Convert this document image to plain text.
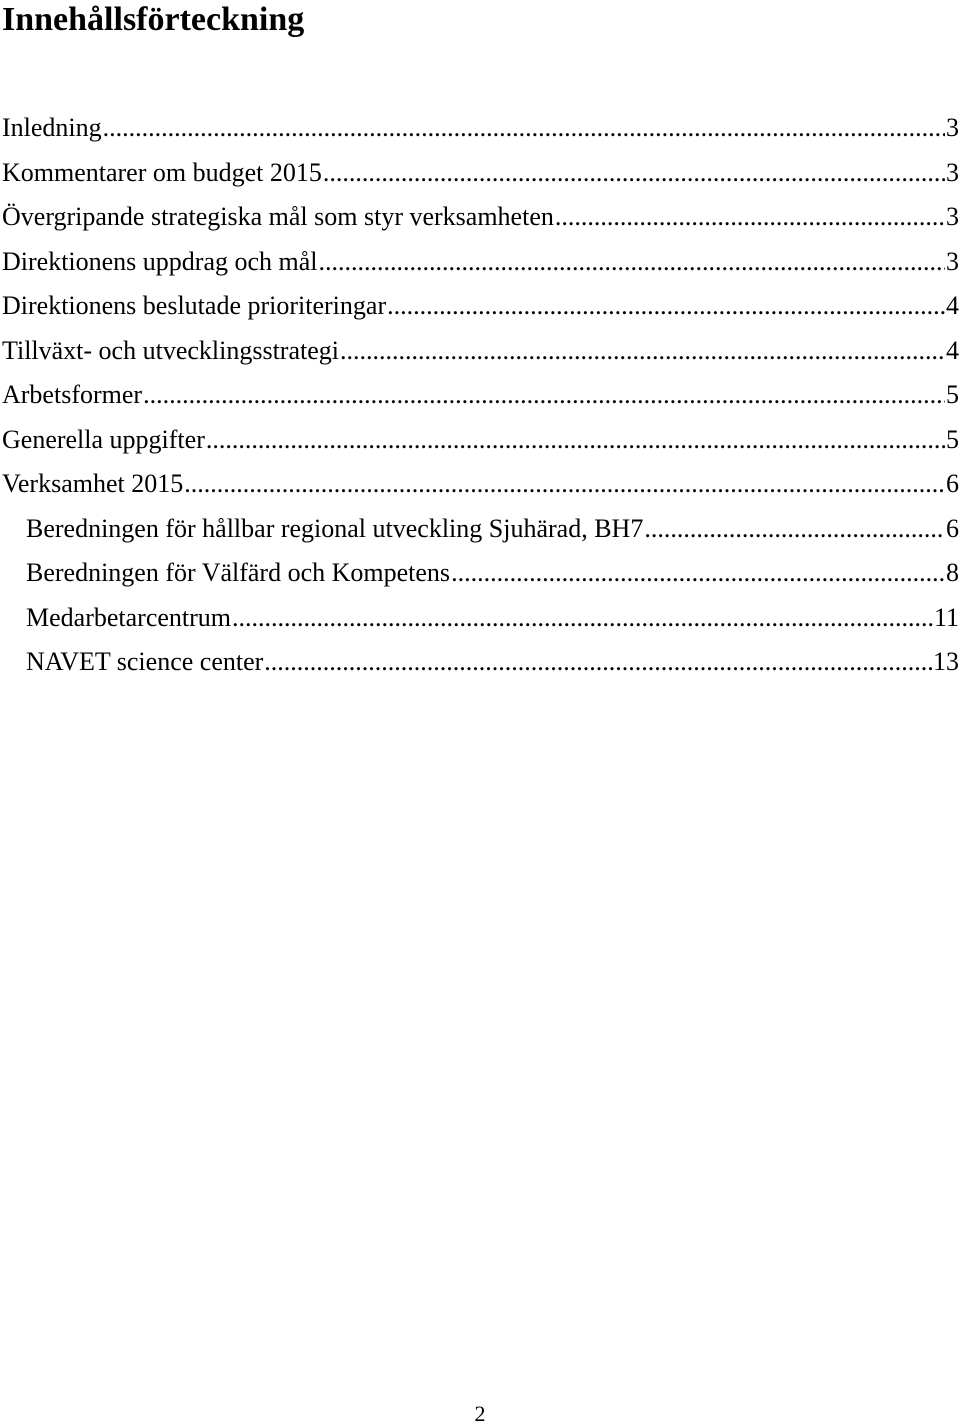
Innehållsförteckning
Inledning .....	3
Kommentarer om budget 2015 .....	3
Övergripande strategiska mål som styr verksamheten .....	3
Direktionens uppdrag och mål .....	3
Direktionens beslutade prioriteringar .....	4
Tillväxt- och utvecklingsstrategi .....	4
Arbetsformer .....	5
Generella uppgifter .....	5
Verksamhet 2015 .....	6
Beredningen för hållbar regional utveckling Sjuhärad, BH7 .....	6
Beredningen för Välfärd och Kompetens .....	8
Medarbetarcentrum .....	11
NAVET science center .....	13
2
